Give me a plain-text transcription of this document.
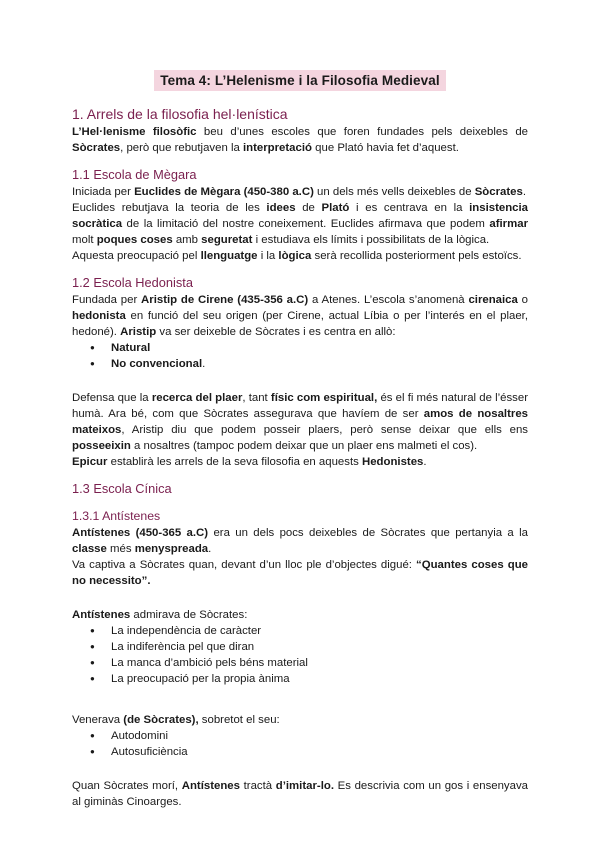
Tema 4: L’Helenisme i la Filosofia Medieval
1. Arrels de la filosofia hel·lenística

L’Hel·lenisme filosòfic beu d’unes escoles que foren fundades pels deixebles de Sòcrates, però que rebutjaven la interpretació que Plató havia fet d’aquest.

1.1 Escola de Mègara

Iniciada per Euclides de Mègara (450-380 a.C) un dels més vells deixebles de Sòcrates.

Euclides rebutjava la teoria de les idees de Plató i es centrava en la insistencia socràtica de la limitació del nostre coneixement. Euclides afirmava que podem afirmar molt poques coses amb seguretat i estudiava els límits i possibilitats de la lògica.

Aquesta preocupació pel llenguatge i la lògica serà recollida posteriorment pels estoïcs.

1.2 Escola Hedonista

Fundada per Aristip de Cirene (435-356 a.C) a Atenes. L’escola s’anomenà cirenaica o hedonista en funció del seu origen (per Cirene, actual Líbia o per l’interés en el plaer, hedoné). Aristip va ser deixeble de Sòcrates i es centra en allò:

● Natural
● No convencional.

Defensa que la recerca del plaer, tant físic com espiritual, és el fi més natural de l’ésser humà. Ara bé, com que Sòcrates assegurava que havíem de ser amos de nosaltres mateixos, Aristip diu que podem posseir plaers, però sense deixar que ells ens posseeixin a nosaltres (tampoc podem deixar que un plaer ens malmeti el cos).

Epicur establirà les arrels de la seva filosofia en aquests Hedonistes.

1.3 Escola Cínica
1.3.1 Antístenes

Antístenes (450-365 a.C) era un dels pocs deixebles de Sòcrates que pertanyia a la classe més menyspreada.

Va captiva a Sòcrates quan, devant d’un lloc ple d’objectes digué: “Quantes coses que no necessito”.

Antístenes admirava de Sòcrates:

● La independència de caràcter
● La indiferència pel que diran
● La manca d’ambició pels béns material
● La preocupació per la propia ànima

Venerava (de Sòcrates), sobretot el seu:

● Autodomini
● Autosuficiència

Quan Sòcrates morí, Antístenes tractà d’imitar-lo. Es descrivia com un gos i ensenyava al giminàs Cinoarges.
